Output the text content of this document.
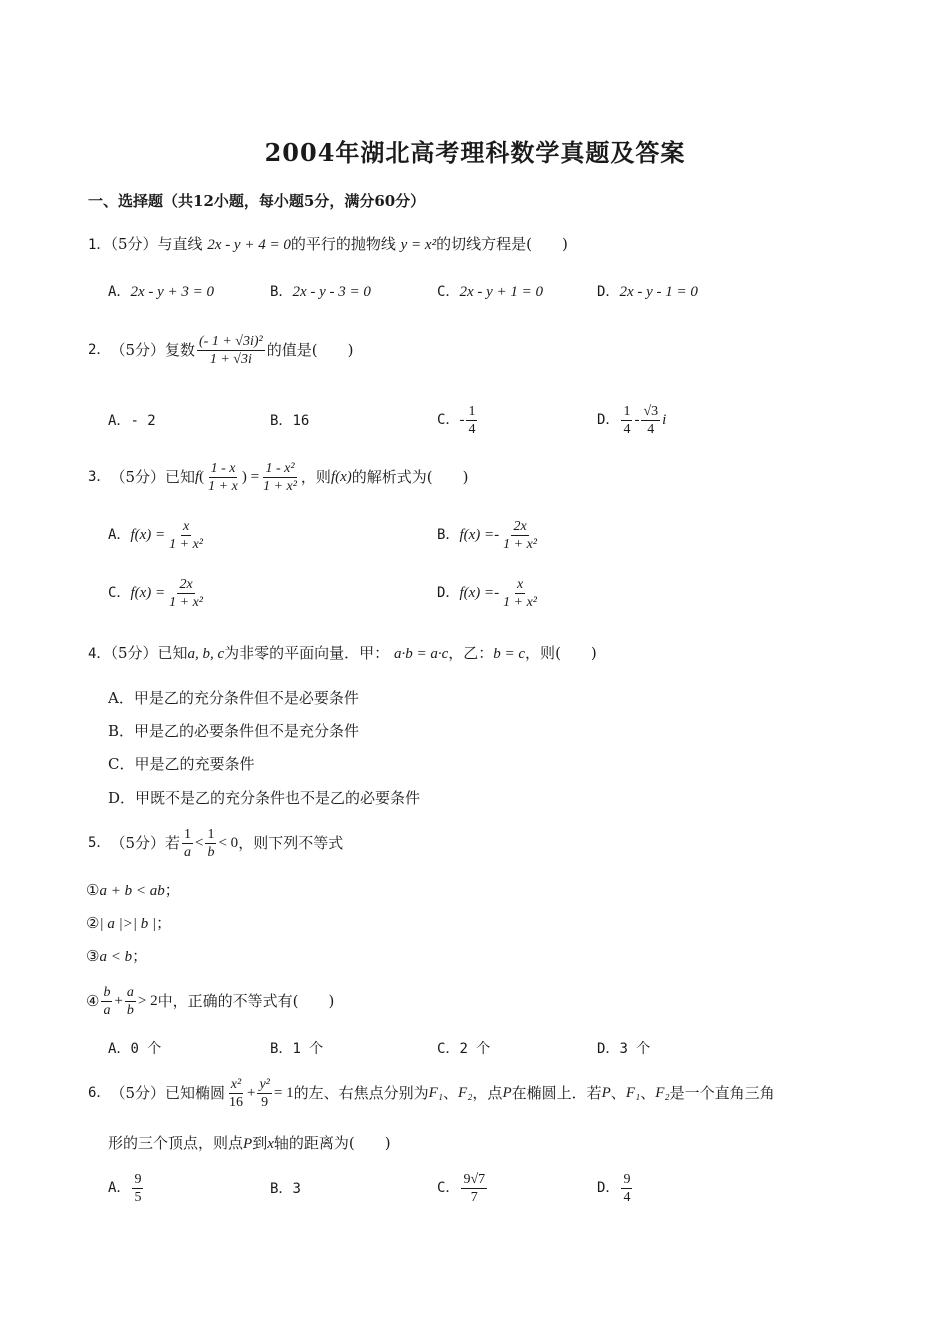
2004年湖北高考理科数学真题及答案
一、选择题（共12小题，每小题5分，满分60分）
1．（5分）与直线 2x - y + 4 = 0的平行的抛物线 y = x²的切线方程是(　　)
A．2x - y + 3 = 0	B．2x - y - 3 = 0	C．2x - y + 1 = 0	D．2x - y - 1 = 0
2． （5分） 复数 $\frac{\text{(- 1 + √3i)²}}{1 + √3i}$ 的值是 (　　)
A．- 2	B．16	C． - $\frac{1}{4}$	D． $\frac{1}{4} - \frac{√3}{4}$ i
3． （5分） 已知 f ( $\frac{1 - x}{1 + x}$ ) = $\frac{\text{1 - x²}}{\text{1 + x²}}$ ，则 f(x) 的解析式为 (　　)
A． $f(x) = \frac{x}{\text{1 + x²}}$	B． f(x) = - $\frac{2x}{\text{1 + x²}}$
C． $f(x) = \frac{2x}{\text{1 + x²}}$	D． f(x) = - $\frac{x}{\text{1 + x²}}$
4．（5分）已知a, b, c为非零的平面向量．甲： a·b = a·c，乙：b = c，则(　　)
A．甲是乙的充分条件但不是必要条件
B．甲是乙的必要条件但不是充分条件
C．甲是乙的充要条件
D．甲既不是乙的充分条件也不是乙的必要条件
5． （5分） 若 $\frac{1}{a} < \frac{1}{b} < 0$ ，则下列不等式
①a + b < ab；
②| a |>| b |；
③a < b；
④ $\frac{b}{a} + \frac{a}{b} > 2$ 中，正确的不等式有 (　　)
A．0 个	B．1 个	C．2 个	D．3 个
6． （5分） 已知椭圆 $\frac{\text{x²}}{16} + \frac{\text{y²}}{9} = 1$ 的左、右焦点分别为 F₁ 、 F₂ ，点 P 在椭圆上．若 P 、 F₁ 、 F₂ 是一个直角三角
形的三个顶点，则点P到x轴的距离为(　　)
A． $\frac{9}{5}$	B．3	C． $\frac{9√7}{7}$	D． $\frac{9}{4}$
